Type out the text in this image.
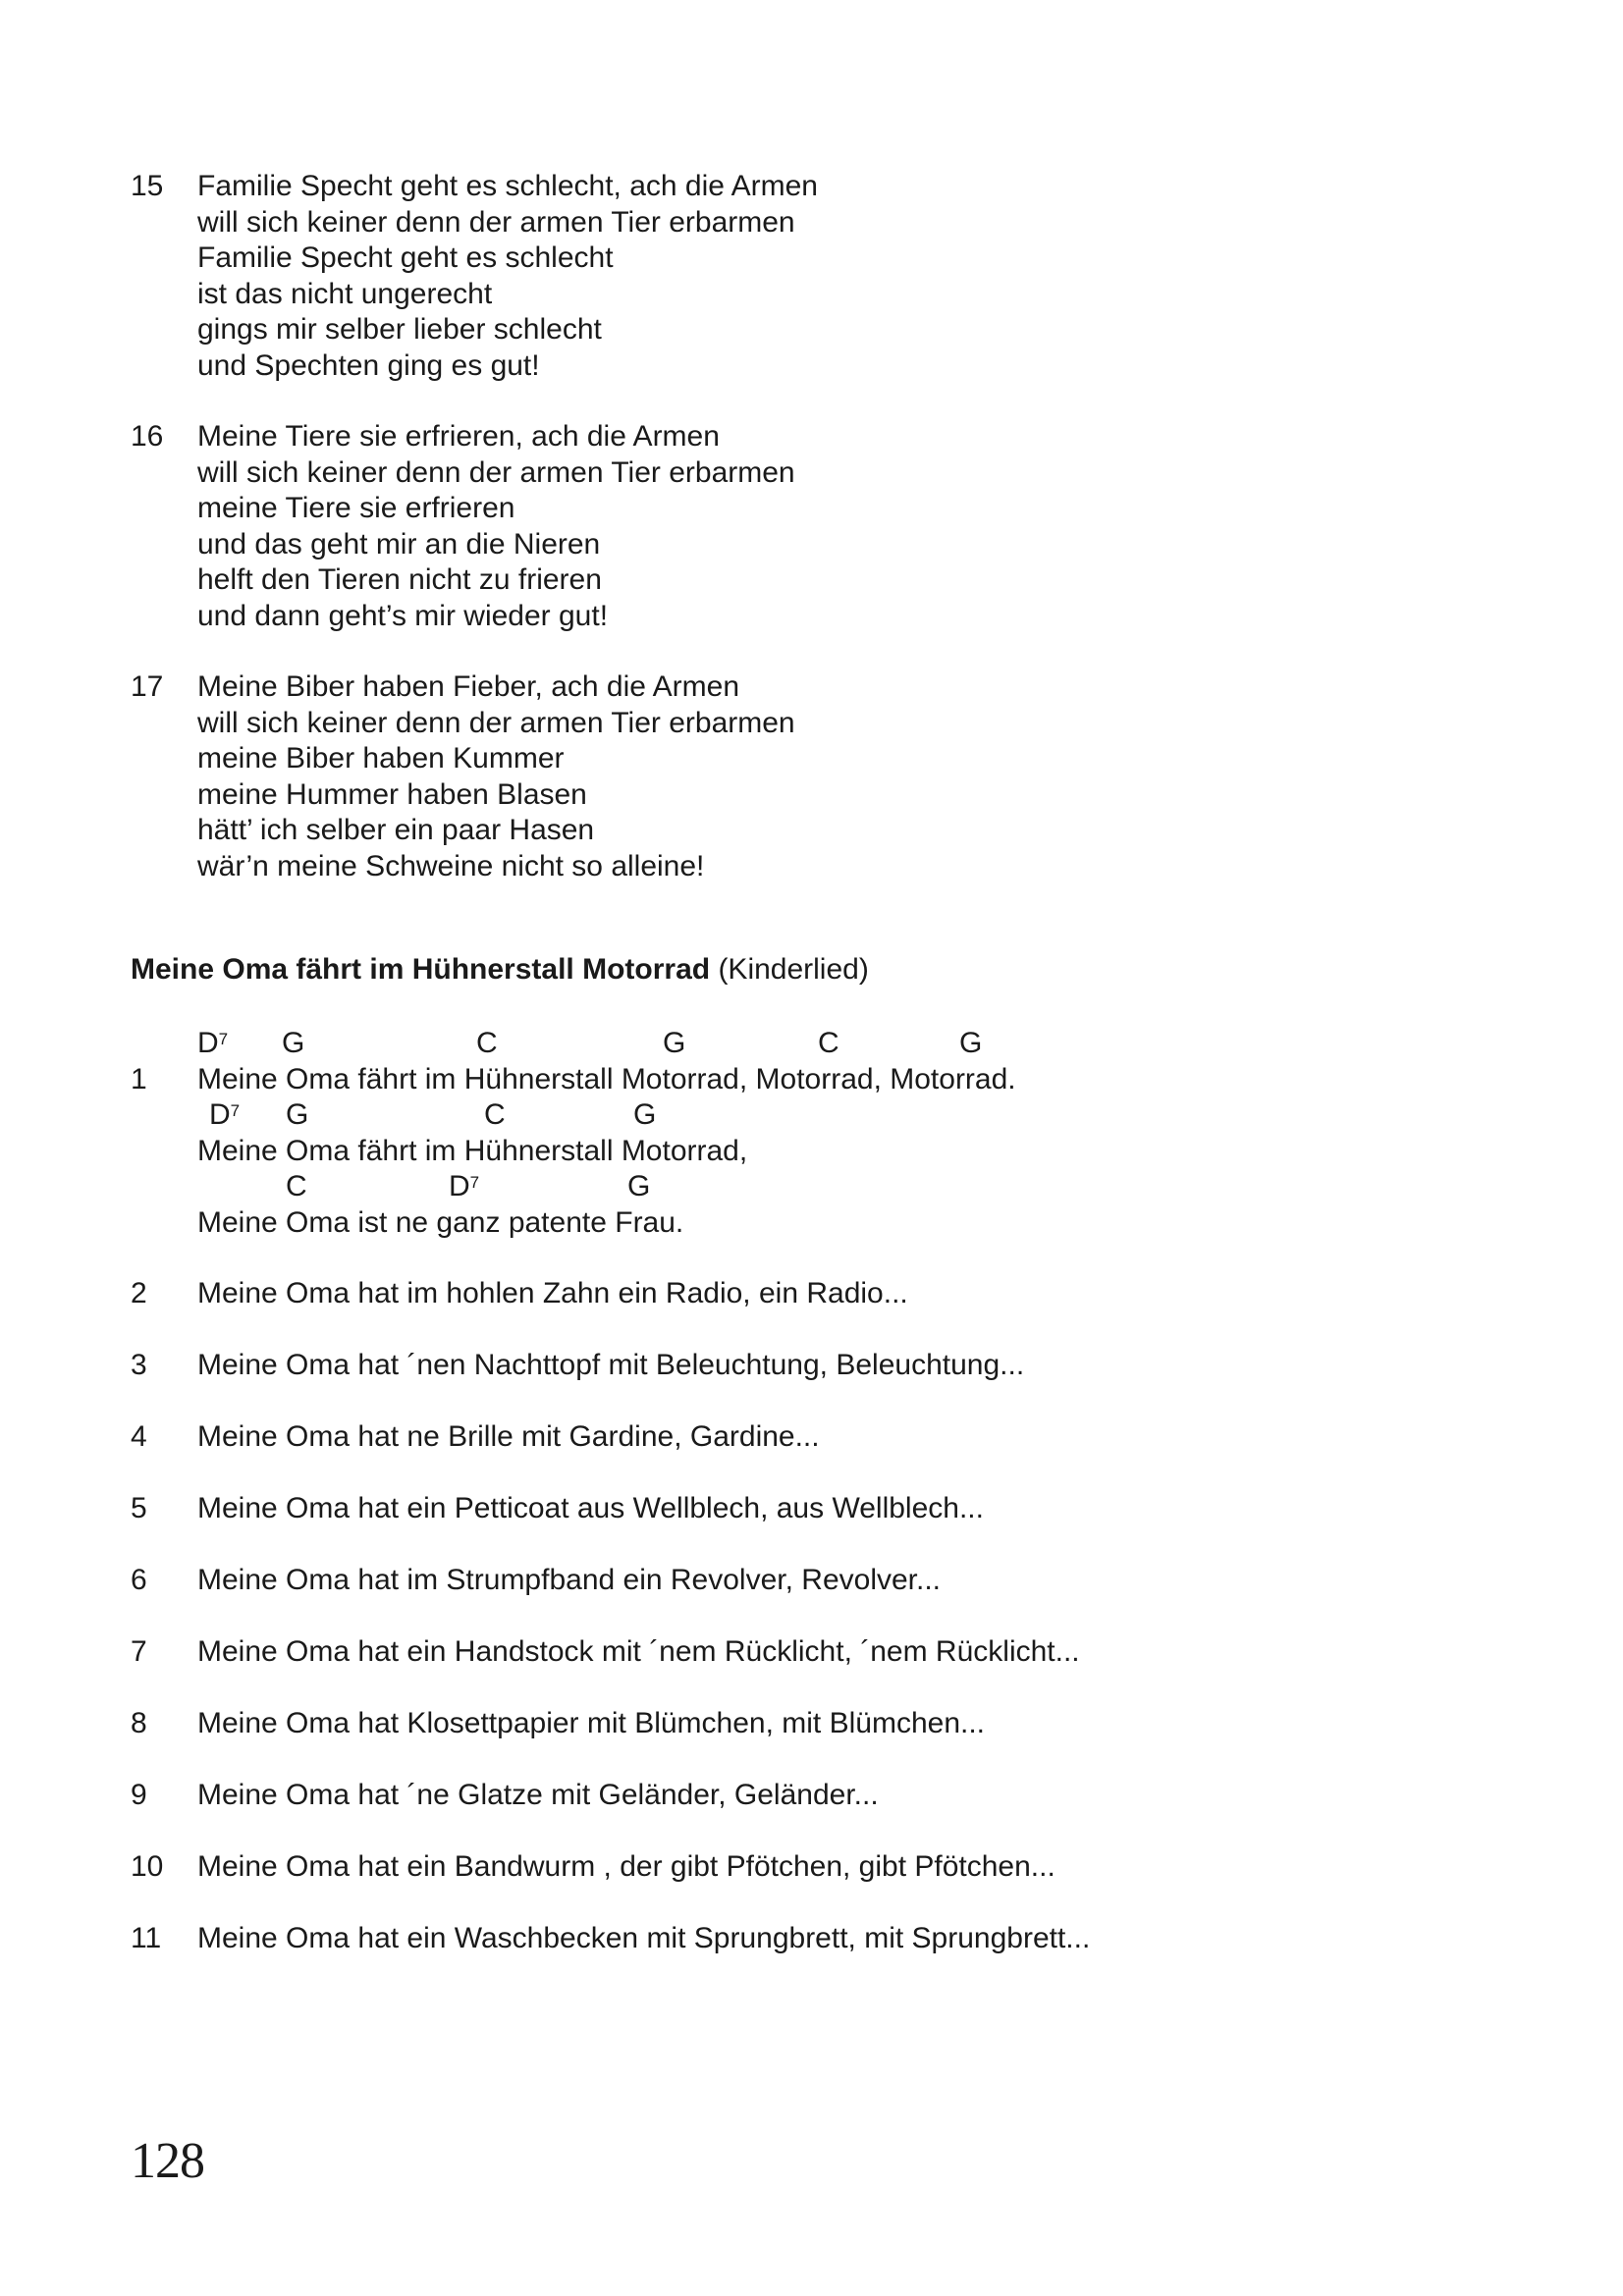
15	Familie Specht geht es schlecht, ach die Armen
will sich keiner denn der armen Tier erbarmen
Familie Specht geht es schlecht
ist das nicht ungerecht
gings mir selber lieber schlecht
und Spechten ging es gut!
16	Meine Tiere sie erfrieren, ach die Armen
will sich keiner denn der armen Tier erbarmen
meine Tiere sie erfrieren
und das geht mir an die Nieren
helft den Tieren nicht zu frieren
und dann geht’s mir wieder gut!
17	Meine Biber haben Fieber, ach die Armen
will sich keiner denn der armen Tier erbarmen
meine Biber haben Kummer
meine Hummer haben Blasen
hätt’ ich selber ein paar Hasen
wär’n meine Schweine nicht so alleine!
Meine Oma fährt im Hühnerstall Motorrad (Kinderlied)
$D^7$ G	C	G	C	G
1	Meine Oma fährt im Hühnerstall Motorrad, Motorrad, Motorrad.
$D^7$ G	C	G
Meine Oma fährt im Hühnerstall Motorrad,
C	$D^7$	G
Meine Oma ist ne ganz patente Frau.
2	Meine Oma hat im hohlen Zahn ein Radio, ein Radio...
3	Meine Oma hat ´nen Nachttopf mit Beleuchtung, Beleuchtung...
4	Meine Oma hat ne Brille mit Gardine, Gardine...
5	Meine Oma hat ein Petticoat aus Wellblech, aus Wellblech...
6	Meine Oma hat im Strumpfband ein Revolver, Revolver...
7	Meine Oma hat ein Handstock mit ´nem Rücklicht, ´nem Rücklicht...
8	Meine Oma hat Klosettpapier mit Blümchen, mit Blümchen...
9	Meine Oma hat ´ne Glatze mit Geländer, Geländer...
10	Meine Oma hat ein Bandwurm , der gibt Pfötchen, gibt Pfötchen...
11	Meine Oma hat ein Waschbecken mit Sprungbrett, mit Sprungbrett...
128
